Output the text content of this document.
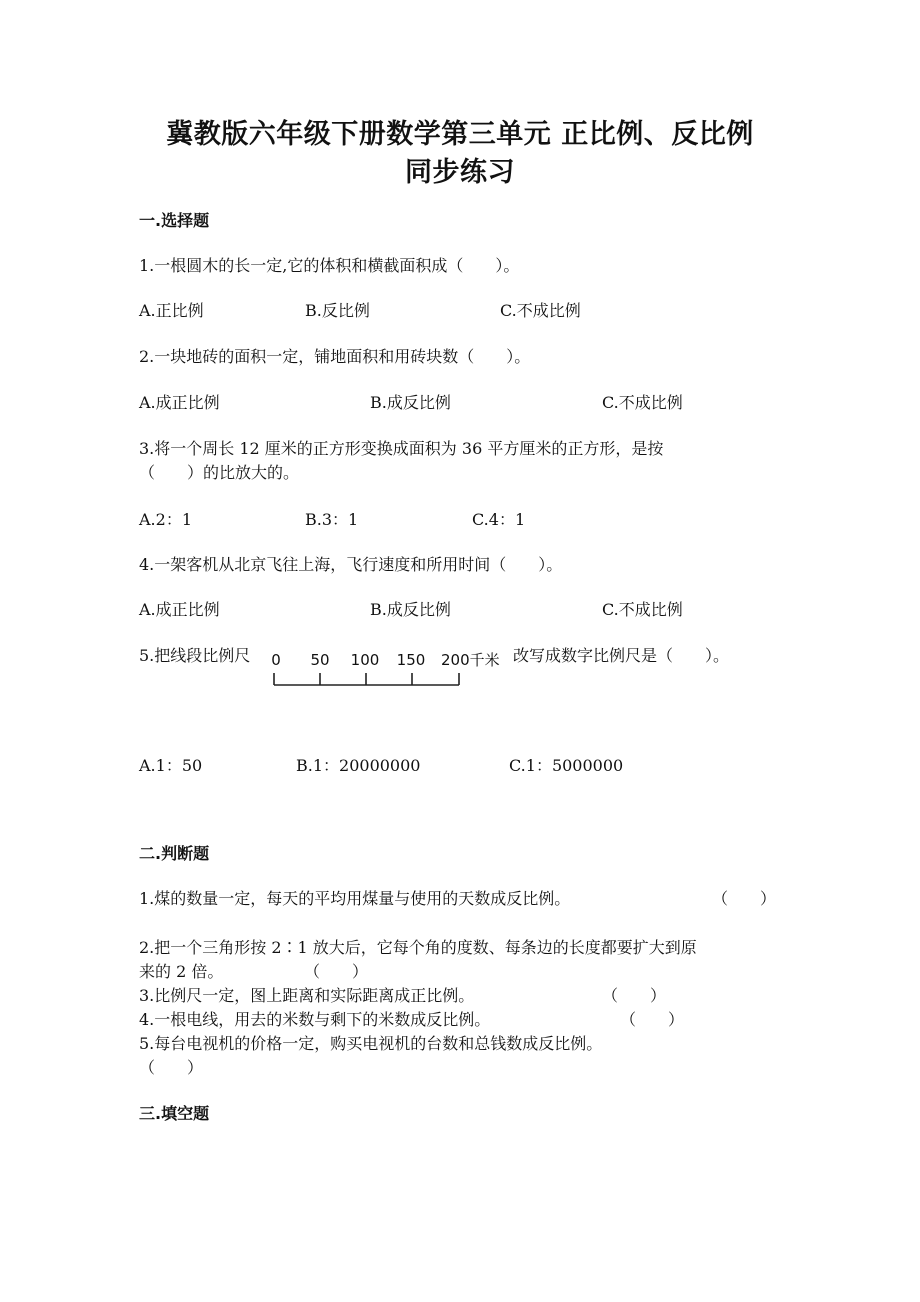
冀教版六年级下册数学第三单元 正比例、反比例
同步练习
一.选择题
1.一根圆木的长一定,它的体积和横截面积成（　　）。
A.正比例	B.反比例	C.不成比例
2.一块地砖的面积一定，铺地面积和用砖块数（　　）。
A.成正比例	B.成反比例	C.不成比例
3.将一个周长 12 厘米的正方形变换成面积为 36 平方厘米的正方形，是按
（　　）的比放大的。
A.2：1	B.3：1	C.4：1
4.一架客机从北京飞往上海，飞行速度和所用时间（　　）。
A.成正比例	B.成反比例	C.不成比例
5.把线段比例尺 0 50 100 150 200千米 改写成数字比例尺是（　　）。
A.1：50	B.1：20000000	C.1：5000000
二.判断题
1.煤的数量一定，每天的平均用煤量与使用的天数成反比例。	（　　）
2.把一个三角形按 2∶1 放大后，它每个角的度数、每条边的长度都要扩大到原
来的 2 倍。	（　　）
3.比例尺一定，图上距离和实际距离成正比例。	（　　）
4.一根电线，用去的米数与剩下的米数成反比例。	（　　）
5.每台电视机的价格一定，购买电视机的台数和总钱数成反比例。
（　　）
三.填空题
